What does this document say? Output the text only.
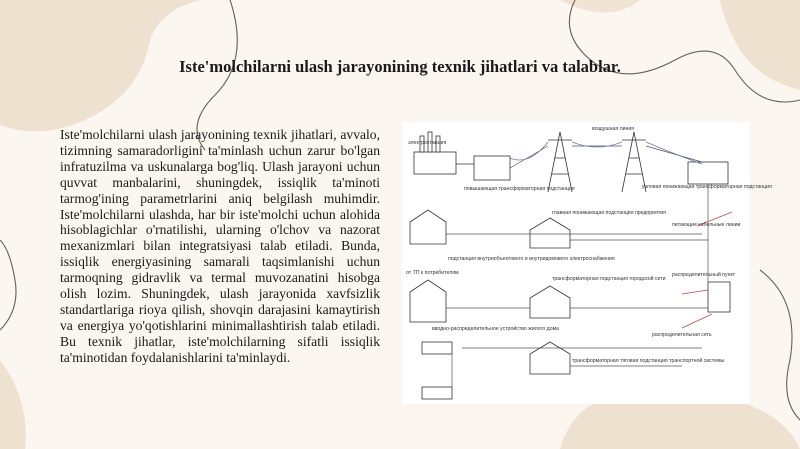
Iste'molchilarni ulash jarayonining texnik jihatlari va talablar.
Iste'molchilarni ulash jarayonining texnik jihatlari, avvalo, tizimning samaradorligini ta'minlash uchun zarur bo'lgan infratuzilma va uskunalarga bog'liq. Ulash jarayoni uchun quvvat manbalarini, shuningdek, issiqlik ta'minoti tarmog'ining parametrlarini aniq belgilash muhimdir. Iste'molchilarni ulashda, har bir iste'molchi uchun alohida hisoblagichlar o'rnatilishi, ularning o'lchov va nazorat mexanizmlari bilan integratsiyasi talab etiladi. Bunda, issiqlik energiyasining samarali taqsimlanishi uchun tarmoqning gidravlik va termal muvozanatini hisobga olish lozim. Shuningdek, ulash jarayonida xavfsizlik standartlariga rioya qilish, shovqin darajasini kamaytirish va energiya yo'qotishlarini minimallashtirish talab etiladi. Bu texnik jihatlar, iste'molchilarning sifatli issiqlik ta'minotidan foydalanishlarini ta'minlaydi.
электростанция
воздушная линия
повышающая трансформаторная подстанция	узловая понижающая трансформаторная подстанция
питающие кабельные линии
главная понижающая подстанция предприятия
подстанция внутриобъектового и внутридомового электроснабжения
трансформаторная подстанция городской сети
распределительный пункт
распределительная сеть
вводно-распределительное устройство жилого дома
трансформаторная тяговая подстанция транспортной системы
от ТП к потребителям
